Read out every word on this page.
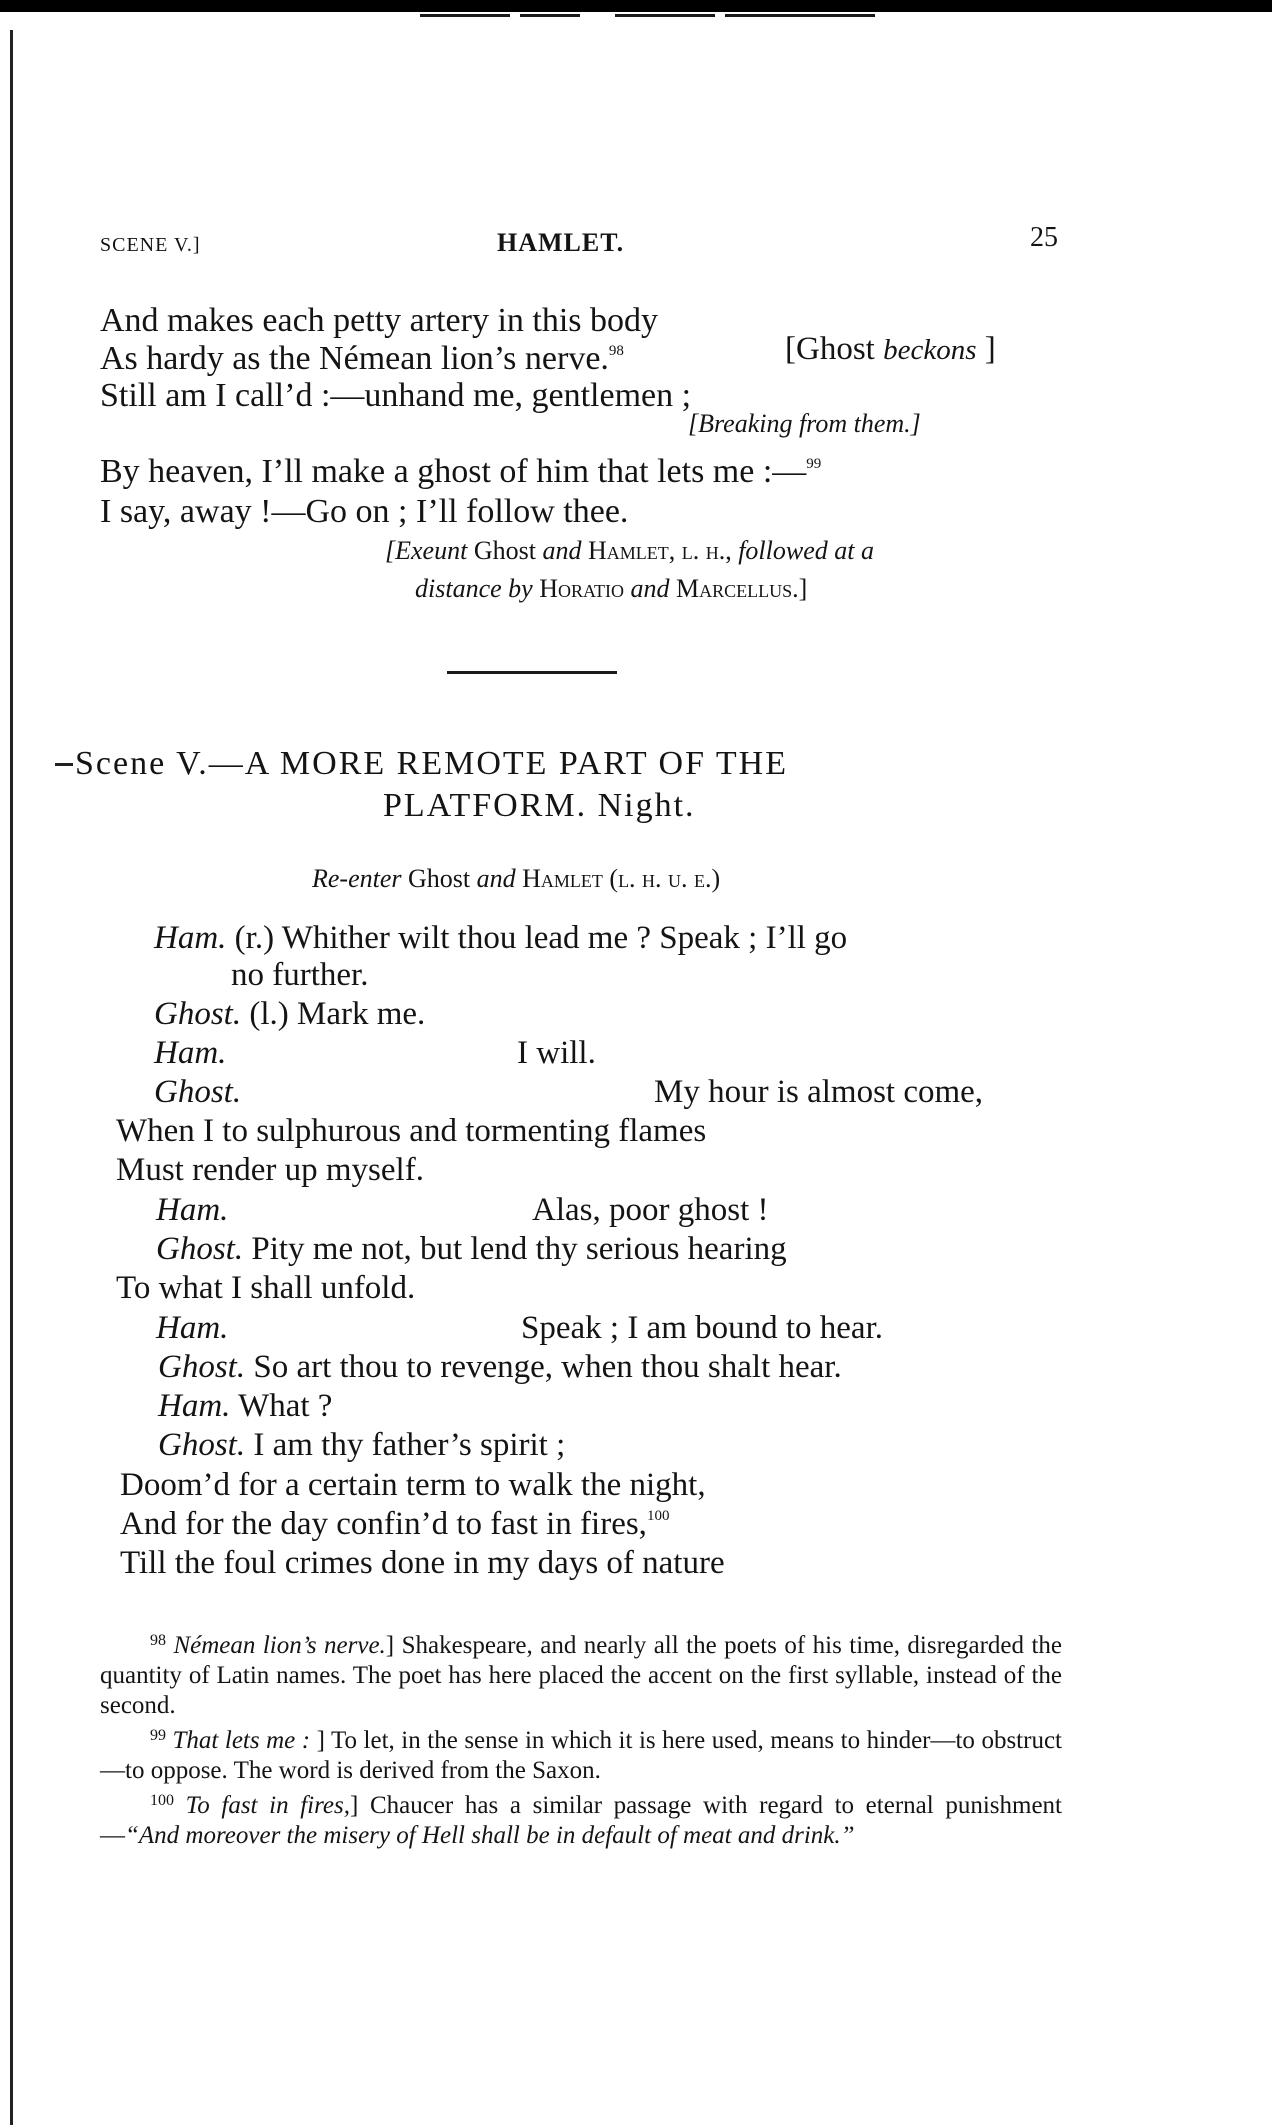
SCENE V.]	HAMLET.	25
And makes each petty artery in this body
As hardy as the Némean lion’s nerve.$^{98}$	[Ghost beckons ]
Still am I call’d :—unhand me, gentlemen ;
[Breaking from them.]
By heaven, I’ll make a ghost of him that lets me :—$^{99}$
I say, away !—Go on ; I’ll follow thee.
[Exeunt Ghost and Hamlet, l. h., followed at a
distance by Horatio and Marcellus.]
Scene V.—A MORE REMOTE PART OF THE
PLATFORM. Night.
Re-enter Ghost and Hamlet (l. h. u. e.)
Ham. (r.) Whither wilt thou lead me ? Speak ; I’ll go
no further.
Ghost. (l.) Mark me.
Ham.	I will.
Ghost.	My hour is almost come,
When I to sulphurous and tormenting flames
Must render up myself.
Ham.	Alas, poor ghost !
Ghost. Pity me not, but lend thy serious hearing
To what I shall unfold.
Ham.	Speak ; I am bound to hear.
Ghost. So art thou to revenge, when thou shalt hear.
Ham. What ?
Ghost. I am thy father’s spirit ;
Doom’d for a certain term to walk the night,
And for the day confin’d to fast in fires,$^{100}$
Till the foul crimes done in my days of nature

$^{98}$ Némean lion’s nerve.] Shakespeare, and nearly all the poets of his time, disregarded the quantity of Latin names. The poet has here placed the accent on the first syllable, instead of the second.

$^{99}$ That lets me : ] To let, in the sense in which it is here used, means to hinder—to obstruct—to oppose. The word is derived from the Saxon.

$^{100}$ To fast in fires,] Chaucer has a similar passage with regard to eternal punishment—“And moreover the misery of Hell shall be in default of meat and drink.”
